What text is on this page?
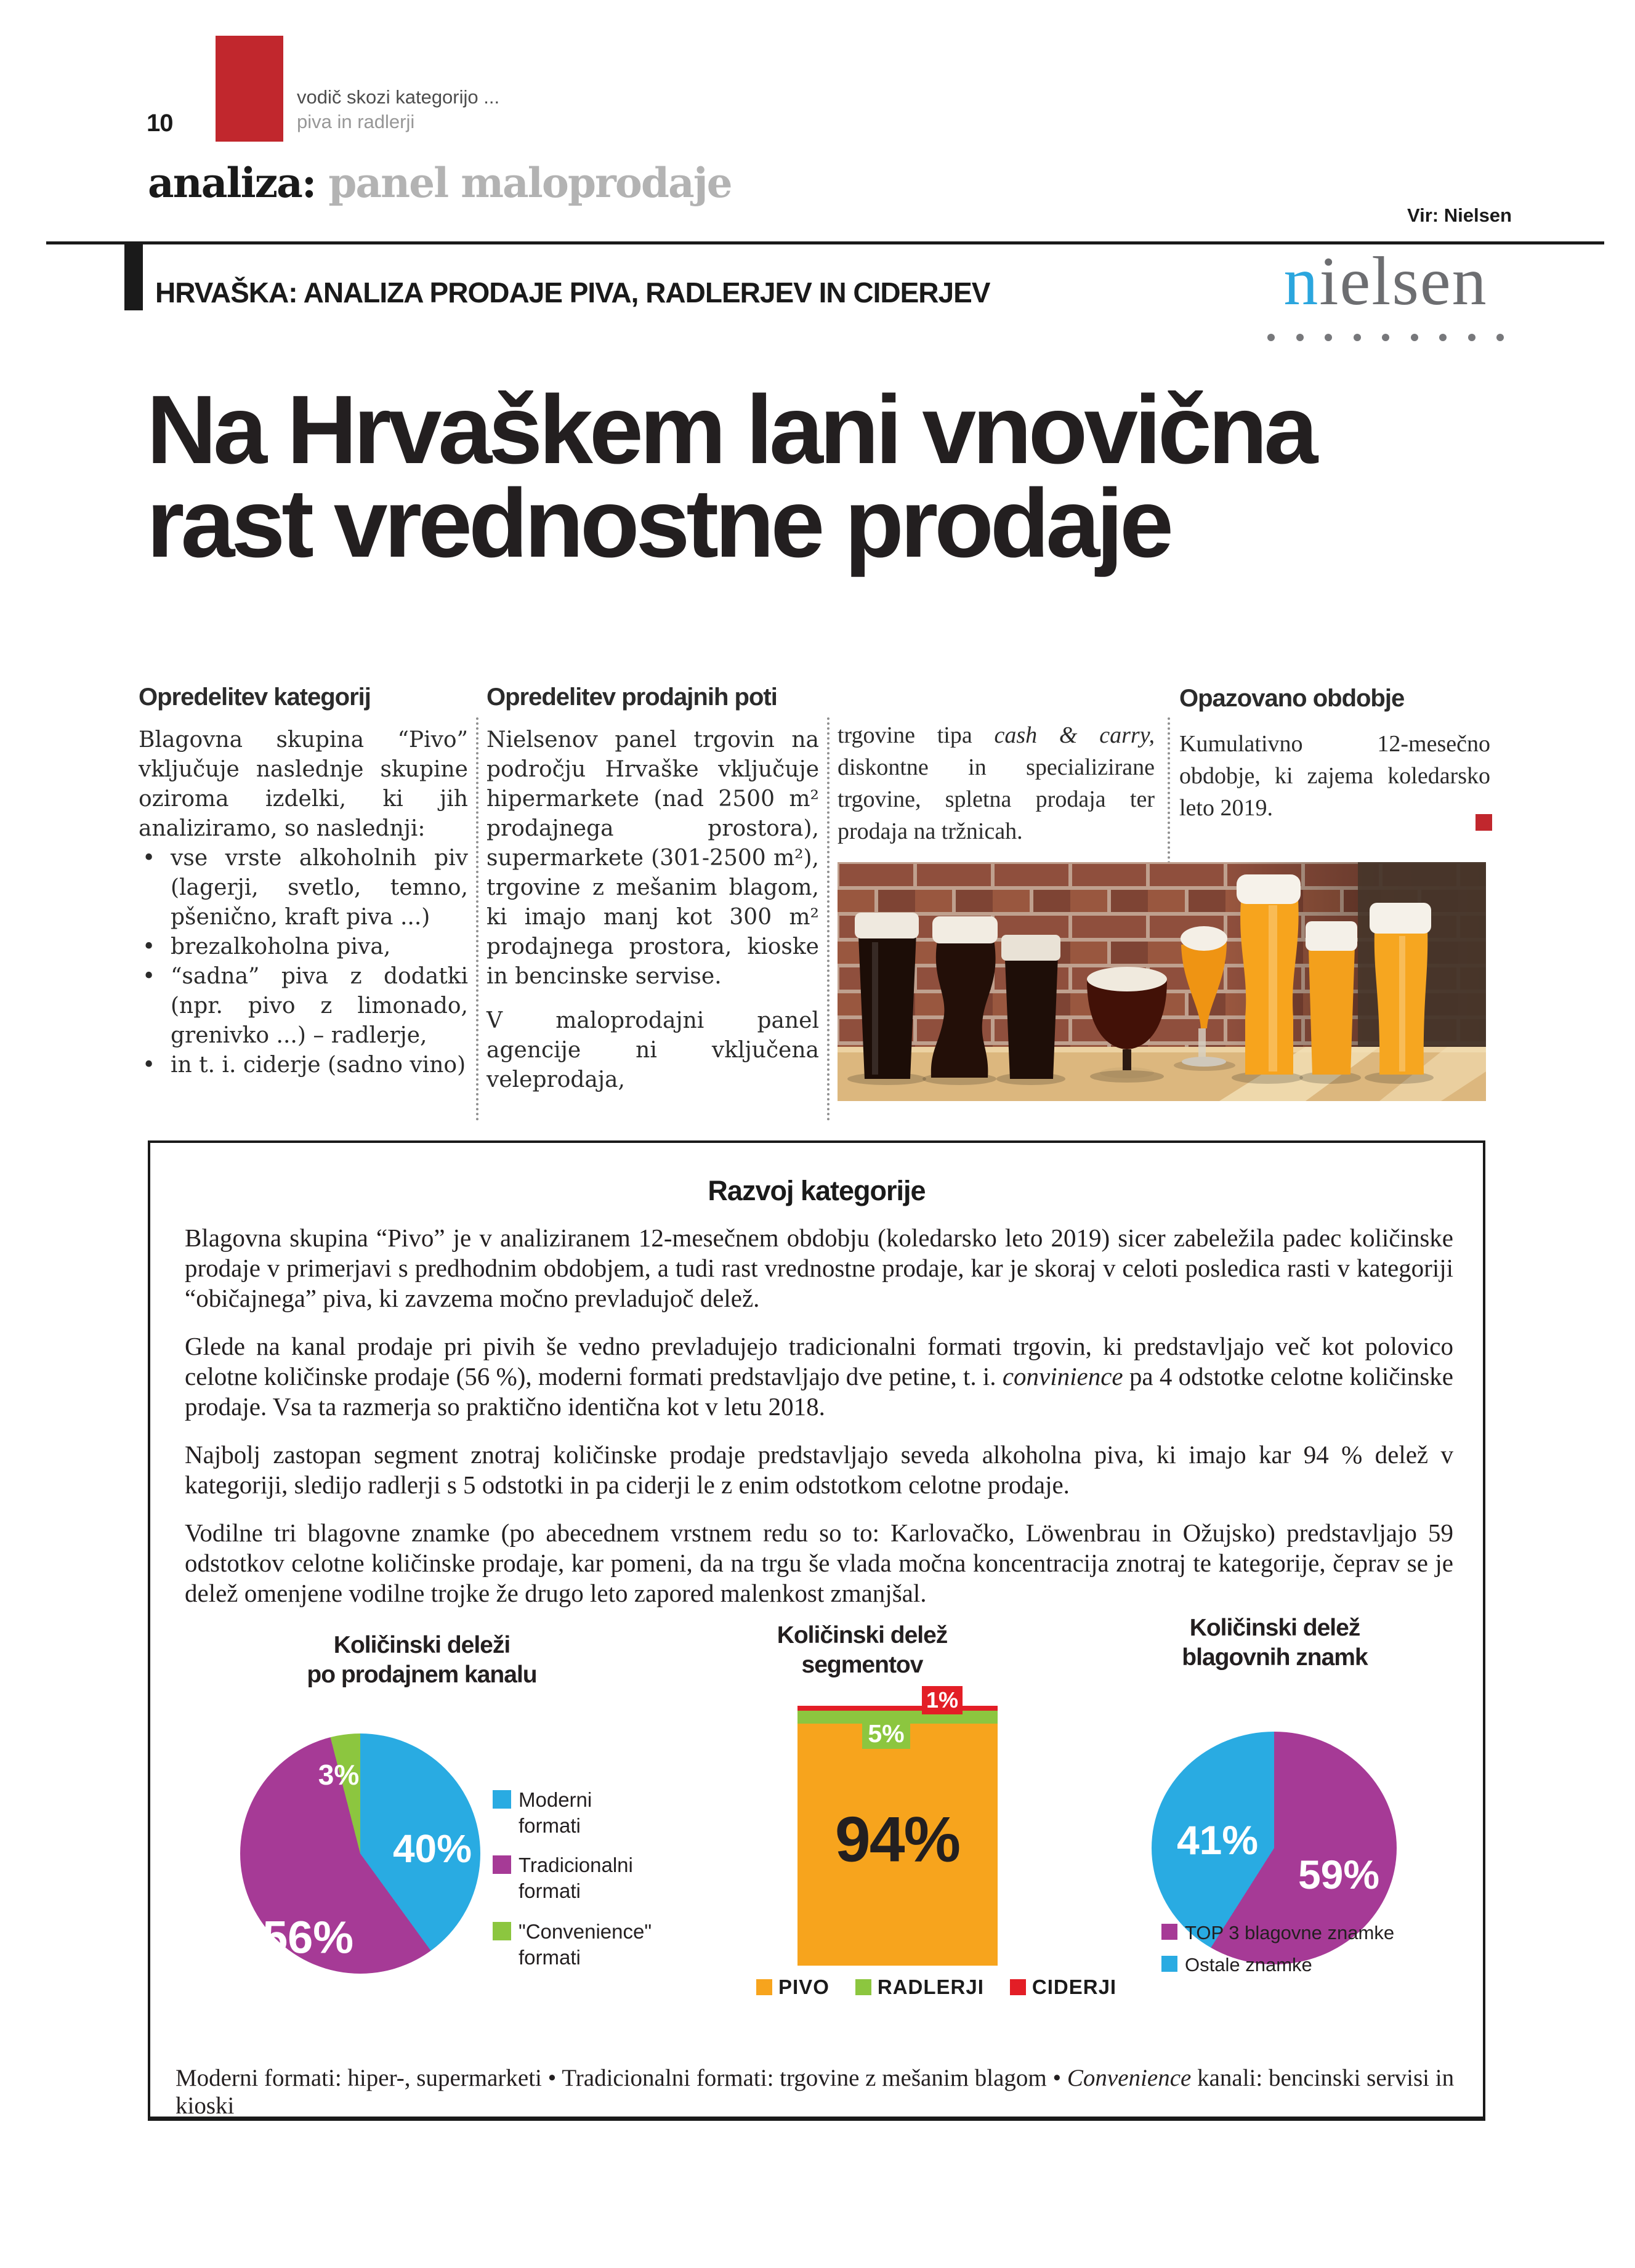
10
vodič skozi kategorijo ...
piva in radlerji
analiza: panel maloprodaje
Vir: Nielsen
HRVAŠKA: ANALIZA PRODAJE PIVA, RADLERJEV IN CIDERJEV	nielsen
Na Hrvaškem lani vnovična
rast vrednostne prodaje
Opredelitev kategorij
Blagovna skupina “Pivo” vključuje naslednje skupine oziroma izdelki, ki jih analiziramo, so naslednji:
• vse vrste alkoholnih piv (lagerji, svetlo, temno, pšenično, kraft piva ...)
• brezalkoholna piva,
• “sadna” piva z dodatki (npr. pivo z limonado, grenivko ...) – radlerje,
• in t. i. ciderje (sadno vino)
Opredelitev prodajnih poti
Nielsenov panel trgovin na področju Hrvaške vključuje hipermarkete (nad 2500 m² prodajnega prostora), supermarkete (301-2500 m²), trgovine z mešanim blagom, ki imajo manj kot 300 m² prodajnega prostora, kioske in bencinske servise.
V maloprodajni panel agencije ni vključena veleprodaja,
trgovine tipa cash & carry, diskontne in specializirane trgovine, spletna prodaja ter prodaja na tržnicah.
Opazovano obdobje
Kumulativno 12-mesečno obdobje, ki zajema koledarsko leto 2019.
Razvoj kategorije

Blagovna skupina “Pivo” je v analiziranem 12-mesečnem obdobju (koledarsko leto 2019) sicer zabeležila padec količinske prodaje v primerjavi s predhodnim obdobjem, a tudi rast vrednostne prodaje, kar je skoraj v celoti posledica rasti v kategoriji “običajnega” piva, ki zavzema močno prevladujoč delež.

Glede na kanal prodaje pri pivih še vedno prevladujejo tradicionalni formati trgovin, ki predstavljajo več kot polovico celotne količinske prodaje (56 %), moderni formati predstavljajo dve petine, t. i. convinience pa 4 odstotke celotne količinske prodaje. Vsa ta razmerja so praktično identična kot v letu 2018.

Najbolj zastopan segment znotraj količinske prodaje predstavljajo seveda alkoholna piva, ki imajo kar 94 % delež v kategoriji, sledijo radlerji s 5 odstotki in pa ciderji le z enim odstotkom celotne prodaje.

Vodilne tri blagovne znamke (po abecednem vrstnem redu so to: Karlovačko, Löwenbrau in Ožujsko) predstavljajo 59 odstotkov celotne količinske prodaje, kar pomeni, da na trgu še vlada močna koncentracija znotraj te kategorije, čeprav se je delež omenjene vodilne trojke že drugo leto zapored malenkost zmanjšal.

Količinski deleži
po prodajnem kanalu
40%
56%
3%
Moderni formati
Tradicionalni formati
"Convenience" formati
Količinski delež
segmentov
1%
5%
94%
PIVO RADLERJI CIDERJI
Količinski delež
blagovnih znamk
41%
59%
TOP 3 blagovne znamke
Ostale znamke
Moderni formati: hiper-, supermarketi • Tradicionalni formati: trgovine z mešanim blagom • Convenience kanali: bencinski servisi in kioski
